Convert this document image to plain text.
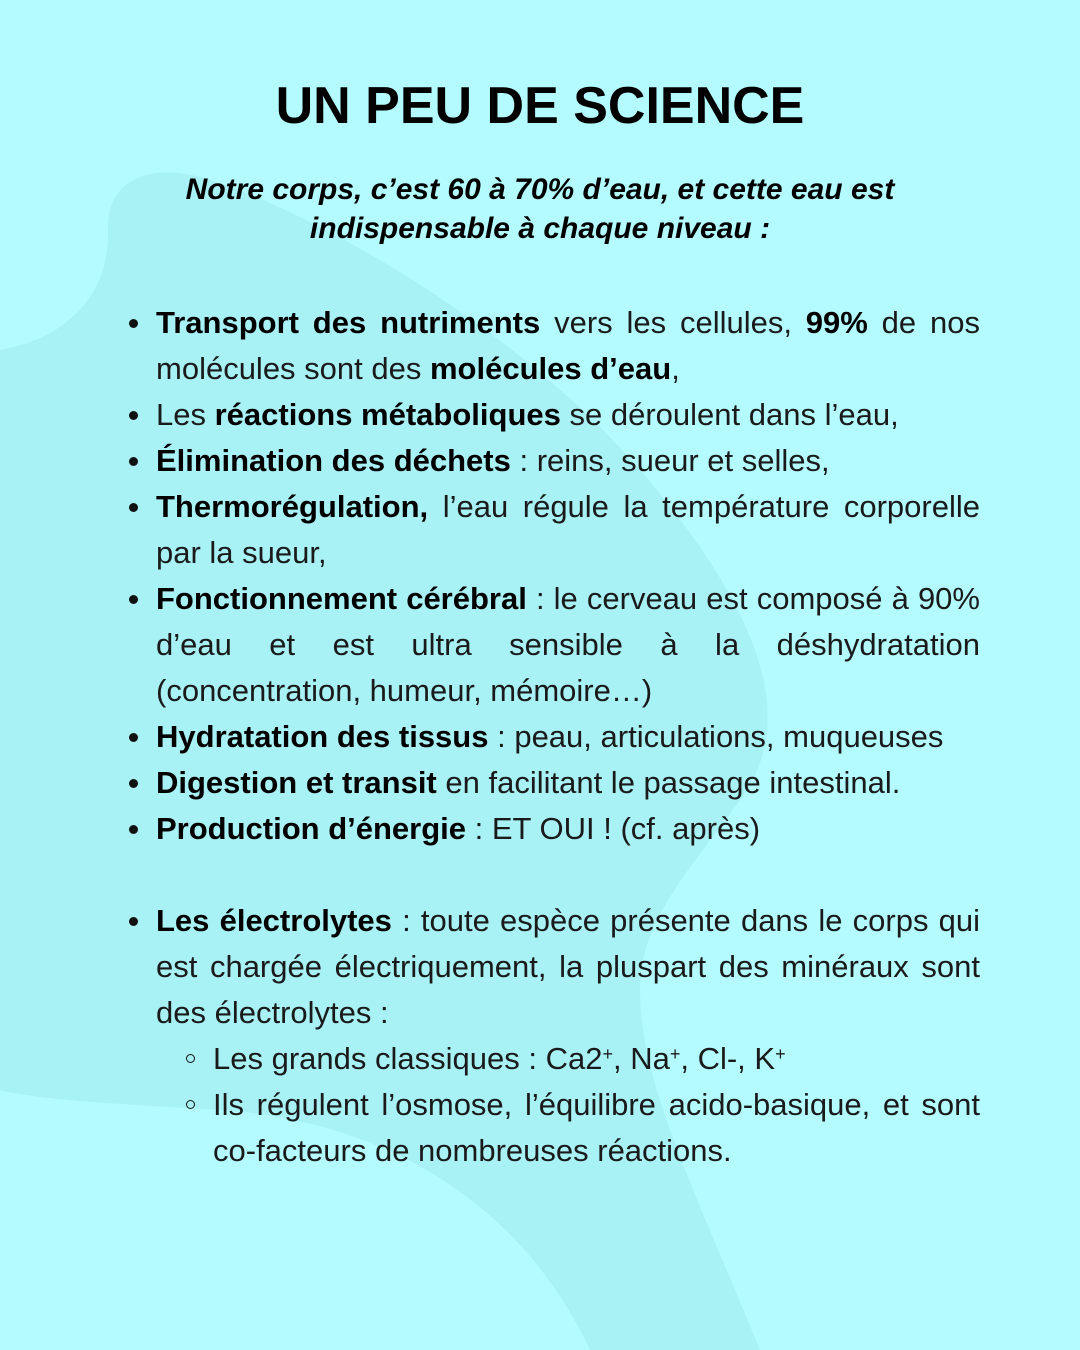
UN PEU DE SCIENCE

Notre corps, c’est 60 à 70% d’eau, et cette eau est
indispensable à chaque niveau :

Transport des nutriments vers les cellules, 99% de nos molécules sont des molécules d’eau,
Les réactions métaboliques se déroulent dans l’eau,
Élimination des déchets : reins, sueur et selles,
Thermorégulation, l’eau régule la température corporelle par la sueur,
Fonctionnement cérébral : le cerveau est composé à 90% d’eau et est ultra sensible à la déshydratation (concentration, humeur, mémoire…)
Hydratation des tissus : peau, articulations, muqueuses
Digestion et transit en facilitant le passage intestinal.
Production d’énergie : ET OUI ! (cf. après)
Les électrolytes : toute espèce présente dans le corps qui est chargée électriquement, la pluspart des minéraux sont des électrolytes :
Les grands classiques : Ca2+, Na+, Cl-, K+
Ils régulent l’osmose, l’équilibre acido-basique, et sont co-facteurs de nombreuses réactions.
